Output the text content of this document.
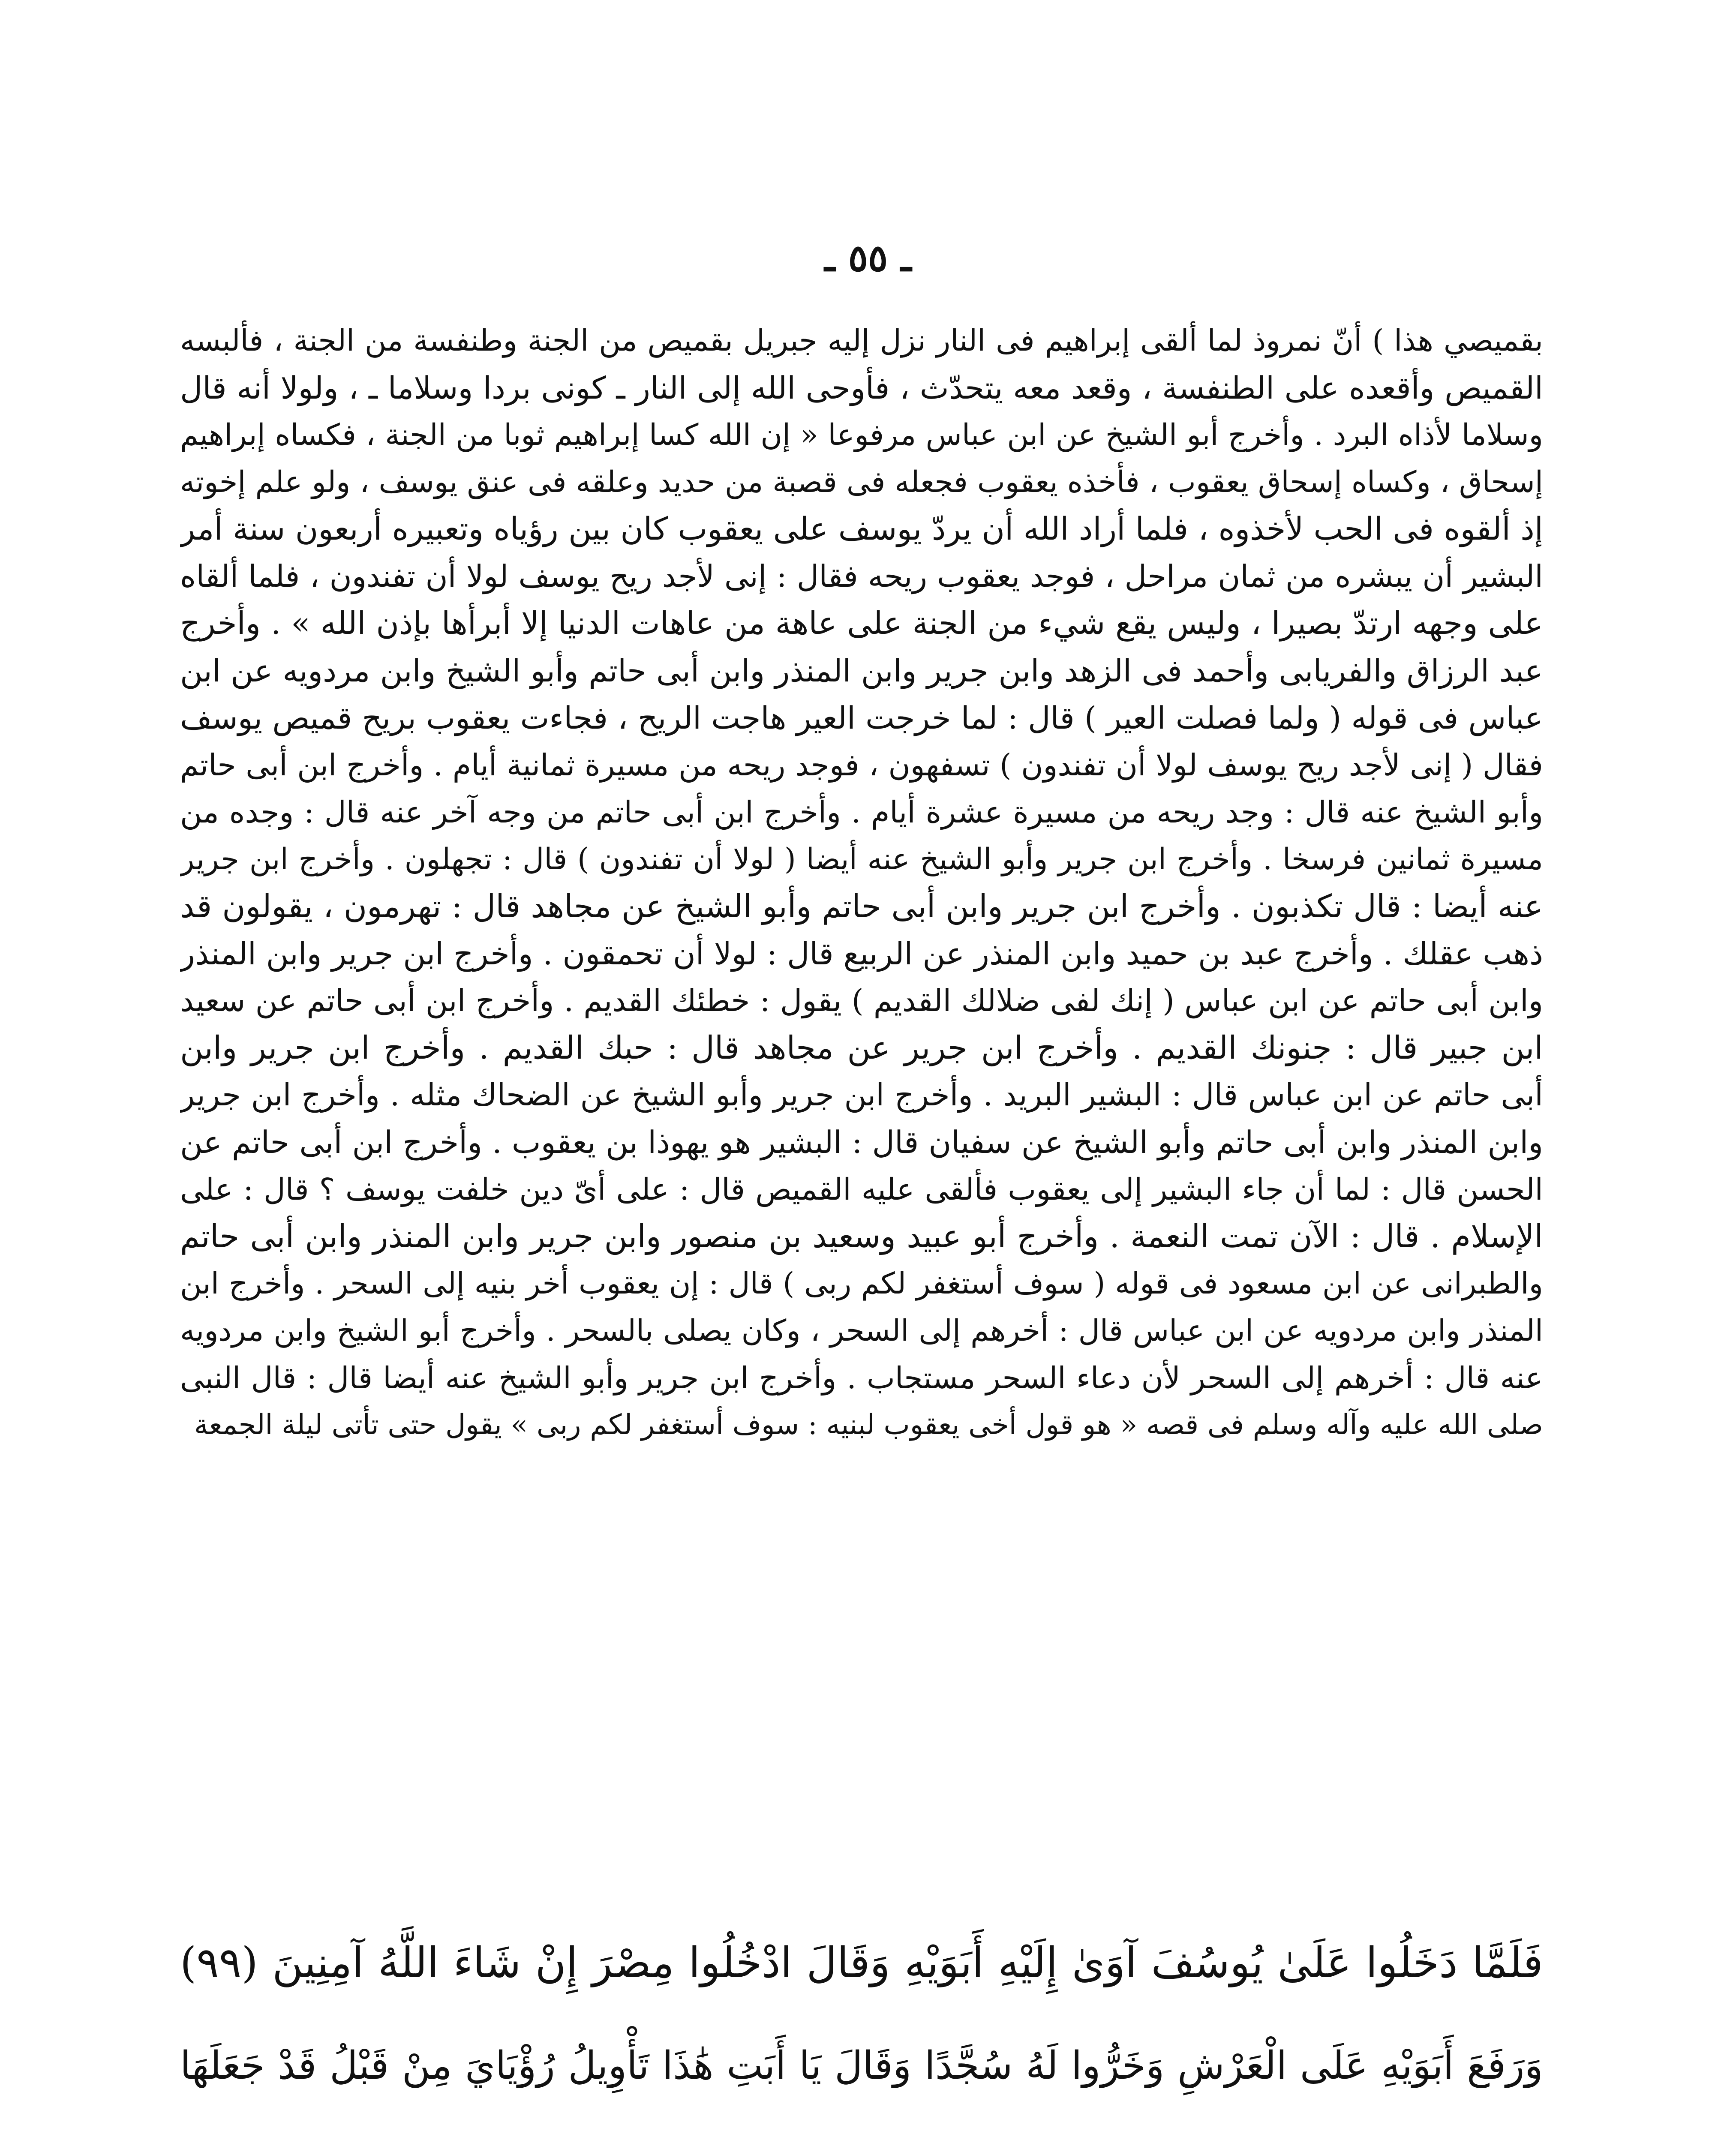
ـ ٥٥ ـ
بقميصي هذا ) أنّ نمروذ لما ألقى إبراهيم فى النار نزل إليه جبريل بقميص من الجنة وطنفسة من الجنة ، فألبسه
القميص وأقعده على الطنفسة ، وقعد معه يتحدّث ، فأوحى الله إلى النار ـ كونى بردا وسلاما ـ ، ولولا أنه قال
وسلاما لأذاه البرد . وأخرج أبو الشيخ عن ابن عباس مرفوعا « إن الله كسا إبراهيم ثوبا من الجنة ، فكساه إبراهيم
إسحاق ، وكساه إسحاق يعقوب ، فأخذه يعقوب فجعله فى قصبة من حديد وعلقه فى عنق يوسف ، ولو علم إخوته
إذ ألقوه فى الحب لأخذوه ، فلما أراد الله أن يردّ يوسف على يعقوب كان بين رؤياه وتعبيره أربعون سنة أمر
البشير أن يبشره من ثمان مراحل ، فوجد يعقوب ريحه فقال : إنى لأجد ريح يوسف لولا أن تفندون ، فلما ألقاه
على وجهه ارتدّ بصيرا ، وليس يقع شيء من الجنة على عاهة من عاهات الدنيا إلا أبرأها بإذن الله » . وأخرج
عبد الرزاق والفريابى وأحمد فى الزهد وابن جرير وابن المنذر وابن أبى حاتم وأبو الشيخ وابن مردويه عن ابن
عباس فى قوله ( ولما فصلت العير ) قال : لما خرجت العير هاجت الريح ، فجاءت يعقوب بريح قميص يوسف
فقال ( إنى لأجد ريح يوسف لولا أن تفندون ) تسفهون ، فوجد ريحه من مسيرة ثمانية أيام . وأخرج ابن أبى حاتم
وأبو الشيخ عنه قال : وجد ريحه من مسيرة عشرة أيام . وأخرج ابن أبى حاتم من وجه آخر عنه قال : وجده من
مسيرة ثمانين فرسخا . وأخرج ابن جرير وأبو الشيخ عنه أيضا ( لولا أن تفندون ) قال : تجهلون . وأخرج ابن جرير
عنه أيضا : قال تكذبون . وأخرج ابن جرير وابن أبى حاتم وأبو الشيخ عن مجاهد قال : تهرمون ، يقولون قد
ذهب عقلك . وأخرج عبد بن حميد وابن المنذر عن الربيع قال : لولا أن تحمقون . وأخرج ابن جرير وابن المنذر
وابن أبى حاتم عن ابن عباس ( إنك لفى ضلالك القديم ) يقول : خطئك القديم . وأخرج ابن أبى حاتم عن سعيد
ابن جبير قال : جنونك القديم . وأخرج ابن جرير عن مجاهد قال : حبك القديم . وأخرج ابن جرير وابن
أبى حاتم عن ابن عباس قال : البشير البريد . وأخرج ابن جرير وأبو الشيخ عن الضحاك مثله . وأخرج ابن جرير
وابن المنذر وابن أبى حاتم وأبو الشيخ عن سفيان قال : البشير هو يهوذا بن يعقوب . وأخرج ابن أبى حاتم عن
الحسن قال : لما أن جاء البشير إلى يعقوب فألقى عليه القميص قال : على أىّ دين خلفت يوسف ؟ قال : على
الإسلام . قال : الآن تمت النعمة . وأخرج أبو عبيد وسعيد بن منصور وابن جرير وابن المنذر وابن أبى حاتم
والطبرانى عن ابن مسعود فى قوله ( سوف أستغفر لكم ربى ) قال : إن يعقوب أخر بنيه إلى السحر . وأخرج ابن
المنذر وابن مردويه عن ابن عباس قال : أخرهم إلى السحر ، وكان يصلى بالسحر . وأخرج أبو الشيخ وابن مردويه
عنه قال : أخرهم إلى السحر لأن دعاء السحر مستجاب . وأخرج ابن جرير وأبو الشيخ عنه أيضا قال : قال النبى
صلى الله عليه وآله وسلم فى قصه « هو قول أخى يعقوب لبنيه : سوف أستغفر لكم ربى » يقول حتى تأتى ليلة الجمعة
فَلَمَّا دَخَلُوا عَلَىٰ يُوسُفَ آوَىٰ إِلَيْهِ أَبَوَيْهِ وَقَالَ ادْخُلُوا مِصْرَ إِنْ شَاءَ اللَّهُ آمِنِينَ (٩٩)
وَرَفَعَ أَبَوَيْهِ عَلَى الْعَرْشِ وَخَرُّوا لَهُ سُجَّدًا وَقَالَ يَا أَبَتِ هَٰذَا تَأْوِيلُ رُؤْيَايَ مِنْ قَبْلُ قَدْ جَعَلَهَا
